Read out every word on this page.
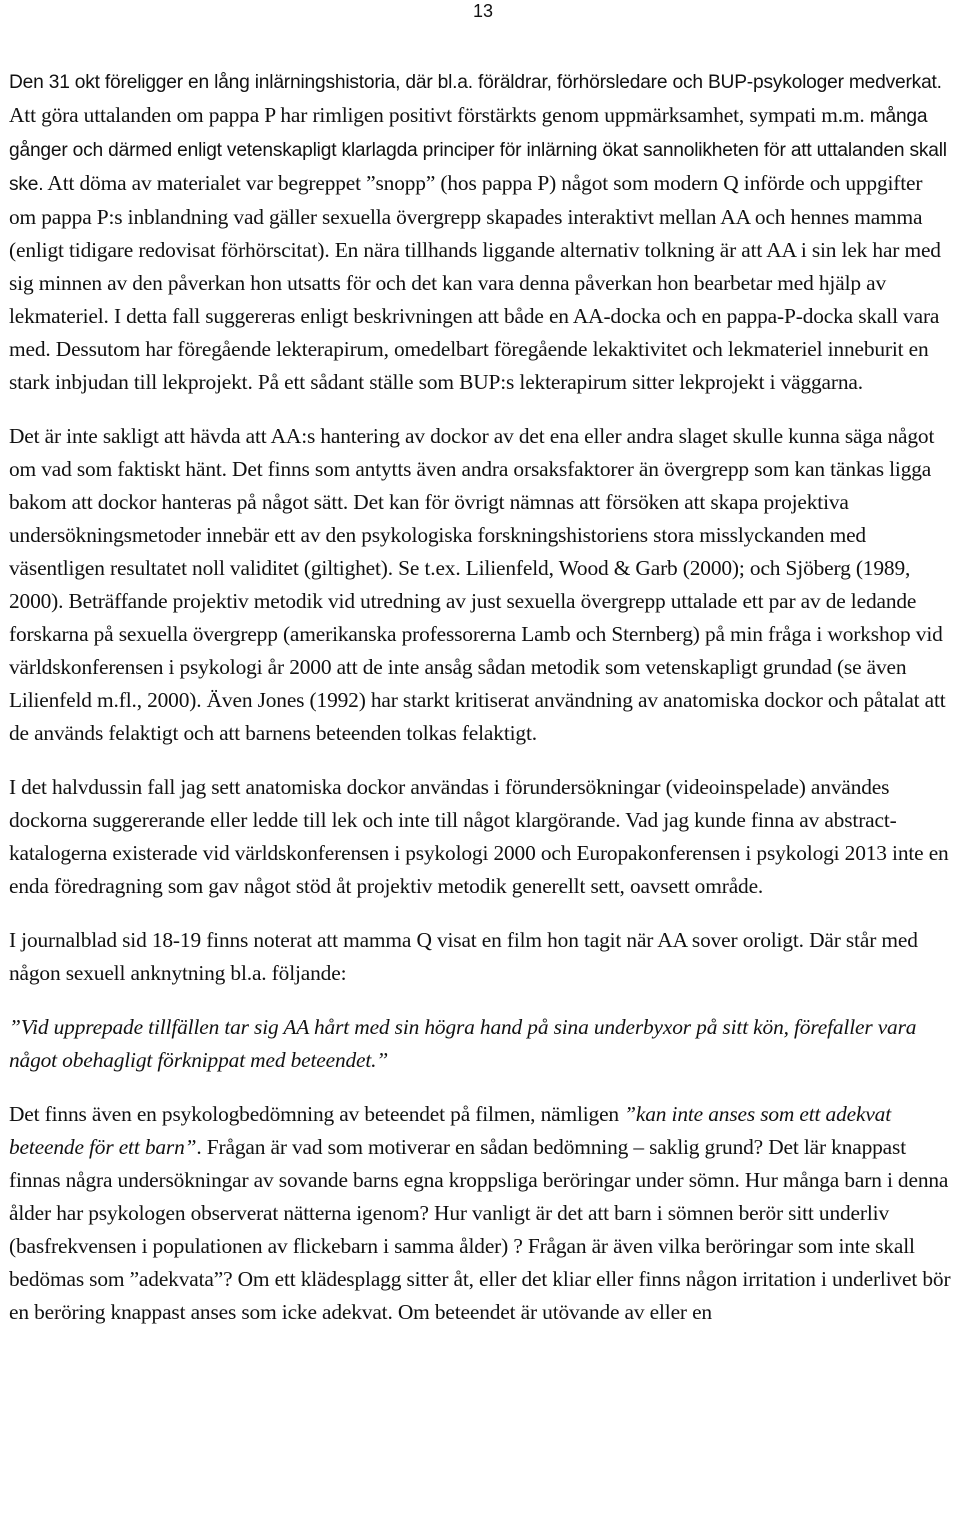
13

Den 31 okt föreligger en lång inlärningshistoria, där bl.a. föräldrar, förhörsledare och BUP-psykologer medverkat. Att göra uttalanden om pappa P har rimligen positivt förstärkts genom uppmärksamhet, sympati m.m. många gånger och därmed enligt vetenskapligt klarlagda principer för inlärning ökat sannolikheten för att uttalanden skall ske. Att döma av materialet var begreppet ”snopp” (hos pappa P) något som modern Q införde och uppgifter om pappa P:s inblandning vad gäller sexuella övergrepp skapades interaktivt mellan AA och hennes mamma (enligt tidigare redovisat förhörscitat). En nära tillhands liggande alternativ tolkning är att AA i sin lek har med sig minnen av den påverkan hon utsatts för och det kan vara denna påverkan hon bearbetar med hjälp av lekmateriel. I detta fall suggereras enligt beskrivningen att både en AA-docka och en pappa-P-docka skall vara med. Dessutom har föregående lekterapirum, omedelbart föregående lekaktivitet och lekmateriel inneburit en stark inbjudan till lekprojekt. På ett sådant ställe som BUP:s lekterapirum sitter lekprojekt i väggarna.

Det är inte sakligt att hävda att AA:s hantering av dockor av det ena eller andra slaget skulle kunna säga något om vad som faktiskt hänt. Det finns som antytts även andra orsaksfaktorer än övergrepp som kan tänkas ligga bakom att dockor hanteras på något sätt. Det kan för övrigt nämnas att försöken att skapa projektiva undersökningsmetoder innebär ett av den psykologiska forskningshistoriens stora misslyckanden med väsentligen resultatet noll validitet (giltighet). Se t.ex. Lilienfeld, Wood & Garb (2000); och Sjöberg (1989, 2000). Beträffande projektiv metodik vid utredning av just sexuella övergrepp uttalade ett par av de ledande forskarna på sexuella övergrepp (amerikanska professorerna Lamb och Sternberg) på min fråga i workshop vid världskonferensen i psykologi år 2000 att de inte ansåg sådan metodik som vetenskapligt grundad (se även Lilienfeld m.fl., 2000). Även Jones (1992) har starkt kritiserat användning av anatomiska dockor och påtalat att de används felaktigt och att barnens beteenden tolkas felaktigt.

I det halvdussin fall jag sett anatomiska dockor användas i förundersökningar (videoinspelade) användes dockorna suggererande eller ledde till lek och inte till något klargörande. Vad jag kunde finna av abstract-katalogerna existerade vid världskonferensen i psykologi 2000 och Europakonferensen i psykologi 2013 inte en enda föredragning som gav något stöd åt projektiv metodik generellt sett, oavsett område.

I journalblad sid 18-19 finns noterat att mamma Q visat en film hon tagit när AA sover oroligt. Där står med någon sexuell anknytning bl.a. följande:

”Vid upprepade tillfällen tar sig AA hårt med sin högra hand på sina underbyxor på sitt kön, förefaller vara något obehagligt förknippat med beteendet.”

Det finns även en psykologbedömning av beteendet på filmen, nämligen ”kan inte anses som ett adekvat beteende för ett barn”. Frågan är vad som motiverar en sådan bedömning – saklig grund? Det lär knappast finnas några undersökningar av sovande barns egna kroppsliga beröringar under sömn. Hur många barn i denna ålder har psykologen observerat nätterna igenom? Hur vanligt är det att barn i sömnen berör sitt underliv (basfrekvensen i populationen av flickebarn i samma ålder) ? Frågan är även vilka beröringar som inte skall bedömas som ”adekvata”? Om ett klädesplagg sitter åt, eller det kliar eller finns någon irritation i underlivet bör en beröring knappast anses som icke adekvat. Om beteendet är utövande av eller en
